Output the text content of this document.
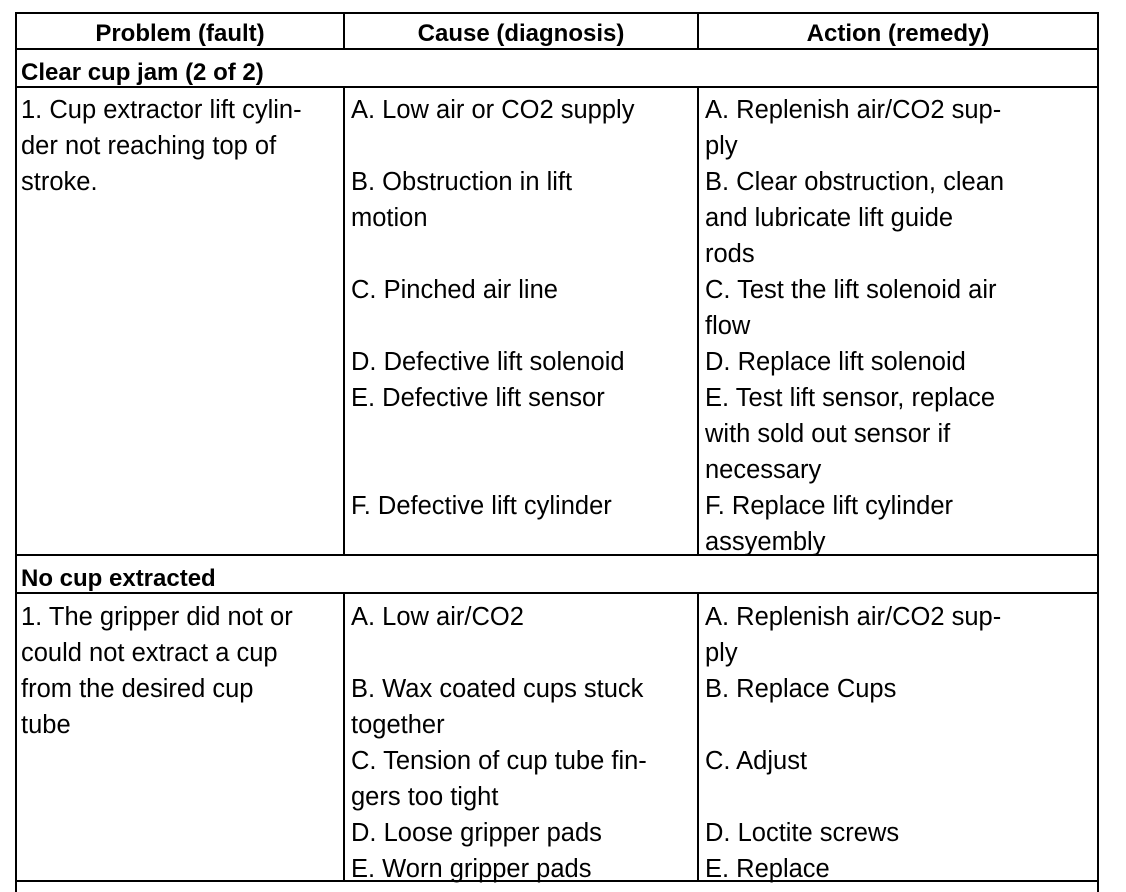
Problem (fault)	Cause (diagnosis)	Action (remedy)
Clear cup jam (2 of 2)
1. Cup extractor lift cylin-
der not reaching top of
stroke.
A. Low air or CO2 supply
B. Obstruction in lift
motion
C. Pinched air line
D. Defective lift solenoid
E. Defective lift sensor
F. Defective lift cylinder
A. Replenish air/CO2 sup-
ply
B. Clear obstruction, clean
and lubricate lift guide
rods
C. Test the lift solenoid air
flow
D. Replace lift solenoid
E. Test lift sensor, replace
with sold out sensor if
necessary
F. Replace lift cylinder
assyembly
No cup extracted
1. The gripper did not or
could not extract a cup
from the desired cup
tube
A. Low air/CO2
B. Wax coated cups stuck
together
C. Tension of cup tube fin-
gers too tight
D. Loose gripper pads
E. Worn gripper pads
A. Replenish air/CO2 sup-
ply
B. Replace Cups
C. Adjust
D. Loctite screws
E. Replace
